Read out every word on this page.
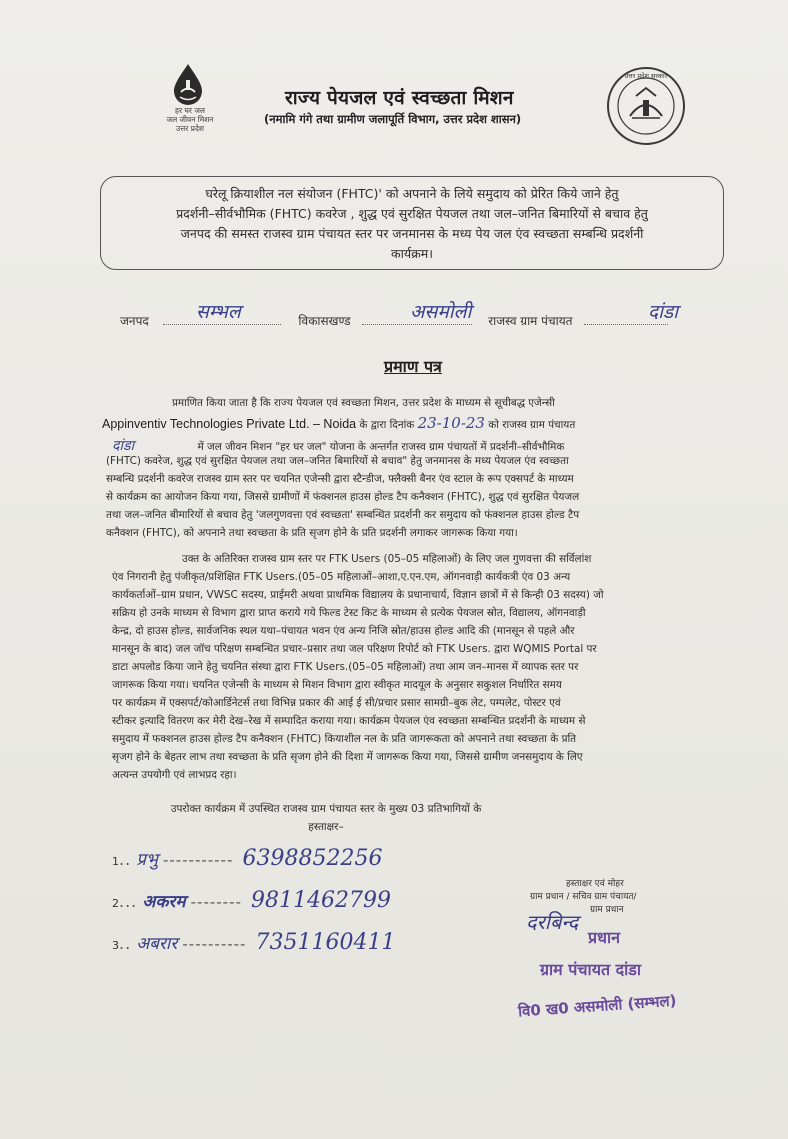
हर घर जल
जल जीवन मिशन
उत्तर प्रदेश
राज्य पेयजल एवं स्वच्छता मिशन
(नमामि गंगे तथा ग्रामीण जलापूर्ति विभाग, उत्तर प्रदेश शासन)
उत्तर प्रदेश सरकार
घरेलू क्रियाशील नल संयोजन (FHTC)' को अपनाने के लिये समुदाय को प्रेरित किये जाने हेतु
प्रदर्शनी–सीर्वभौमिक (FHTC) कवरेज , शुद्ध एवं सुरक्षित पेयजल तथा जल–जनित बिमारियों से बचाव हेतु
जनपद की समस्त राजस्व ग्राम पंचायत स्तर पर जनमानस के मध्य पेय जल एंव स्वच्छता सम्बन्धि प्रदर्शनी
कार्यक्रम।
जनपद	विकासखण्ड	राजस्व ग्राम पंचायत
सम्भल	असमोली	दांडा
प्रमाण पत्र
प्रमाणित किया जाता है कि राज्य पेयजल एवं स्वच्छता मिशन, उत्तर प्रदेश के माध्यम से सूचीबद्ध एजेन्सी
Appinventiv Technologies Private Ltd. – Noida के द्वारा दिनांक 23-10-23 को राजस्व ग्राम पंचायत
दांडा	में जल जीवन मिशन "हर घर जल" योजना के अन्तर्गत राजस्व ग्राम पंचायतों में प्रदर्शनी–सीर्वभौमिक
(FHTC) कवरेज, शुद्ध एवं सुरक्षित पेयजल तथा जल–जनित बिमारियों से बचाव" हेतु जनमानस के मध्य पेयजल एंव स्वच्छता
सम्बन्धि प्रदर्शनी कवरेज राजस्व ग्राम स्तर पर चयनित एजेन्सी द्वारा स्टैन्डीज, फ्लैक्सी बैनर एंव स्टाल के रूप एक्सपर्ट के माध्यम
से कार्यक्रम का आयोजन किया गया, जिससे ग्रामीणों में फंक्शनल हाउस होल्ड टैप कनैक्शन (FHTC), शुद्ध एवं सुरक्षित पेयजल
तथा जल–जनित बीमारियों से बचाव हेतु 'जलगुणवत्ता एवं स्वच्छता' सम्बन्धित प्रदर्शनी कर समुदाय को फंक्शनल हाउस होल्ड टैप
कनैक्शन (FHTC), को अपनाने तथा स्वच्छता के प्रति सृजग होने के प्रति प्रदर्शनी लगाकर जागरूक किया गया।
उक्त के अतिरिक्त राजस्व ग्राम स्तर पर FTK Users (05–05 महिलाओं) के लिए जल गुणवत्ता की सर्विलांश
एंव निगरानी हेतु पंजीकृत/प्रशिक्षित FTK Users.(05–05 महिलाओं–आशा,ए.एन.एम, ऑगनवाड़ी कार्यकत्री एंव 03 अन्य
कार्यकर्ताओं–ग्राम प्रधान, VWSC सदस्य, प्राईमरी अथवा प्राथमिक विद्यालय के प्रधानाचार्य, विज्ञान छात्रों में से किन्ही 03 सदस्य) जो
सक्रिय हो उनके माध्यम से विभाग द्वारा प्राप्त कराये गये फिल्ड टेस्ट किट के माध्यम से प्रत्येक पेयजल स्रोत, विद्यालय, ऑगनवाड़ी
केन्द्र, दो हाउस होल्ड, सार्वजनिक स्थल यथा–पंचायत भवन एंव अन्य निजि स्रोत/हाउस होल्ड आदि की (मानसून से पहले और
मानसून के बाद) जल जॉच परिक्षण सम्बन्धित प्रचार–प्रसार तथा जल परिक्षण रिपोर्ट को FTK Users. द्वारा WQMIS Portal पर
डाटा अपलोड किया जाने हेतु चयनित संस्था द्वारा FTK Users.(05–05 महिलाओं) तथा आम जन–मानस में व्यापक स्तर पर
जागरूक किया गया। चयनित एजेन्सी के माध्यम से मिशन विभाग द्वारा स्वीकृत मादयूल के अनुसार सकुशल निर्धारित समय
पर कार्यक्रम में एक्सपर्ट/कोआर्डिनेटर्स तथा विभिन्न प्रकार की आई ई सी/प्रचार प्रसार सामग्री–बुक लेट, पम्पलेट, पोस्टर एवं
स्टीकर इत्यादि वितरण कर मेरी देख–रेख में सम्पादित कराया गया। कार्यक्रम पेयजल एंव स्वच्छता सम्बन्धित प्रदर्शनी के माध्यम से
समुदाय में फक्शनल हाउस होल्ड टैप कनैक्शन (FHTC) कियाशील नल के प्रति जागरूकता को अपनाने तथा स्वच्छता के प्रति
सृजग होने के बेहतर लाभ तथा स्वच्छता के प्रति सृजग होने की दिशा में जागरूक किया गया, जिससे ग्रामीण जनसमुदाय के लिए
अत्यन्त उपयोगी एवं लाभप्रद रहा।
उपरोक्त कार्यक्रम में उपस्थित राजस्व ग्राम पंचायत स्तर के मुख्य 03 प्रतिभागियों के
हस्ताक्षर–
1.. प्रभु ----------- 6398852256
2... अकरम -------- 9811462799
3.. अबरार ---------- 7351160411
हस्ताक्षर एवं मोहर
ग्राम प्रधान / सचिव ग्राम पंचायत/
ग्राम प्रधान
दरबिन्द
प्रधान
ग्राम पंचायत दांडा
वि0 ख0 असमोली (सम्भल)
